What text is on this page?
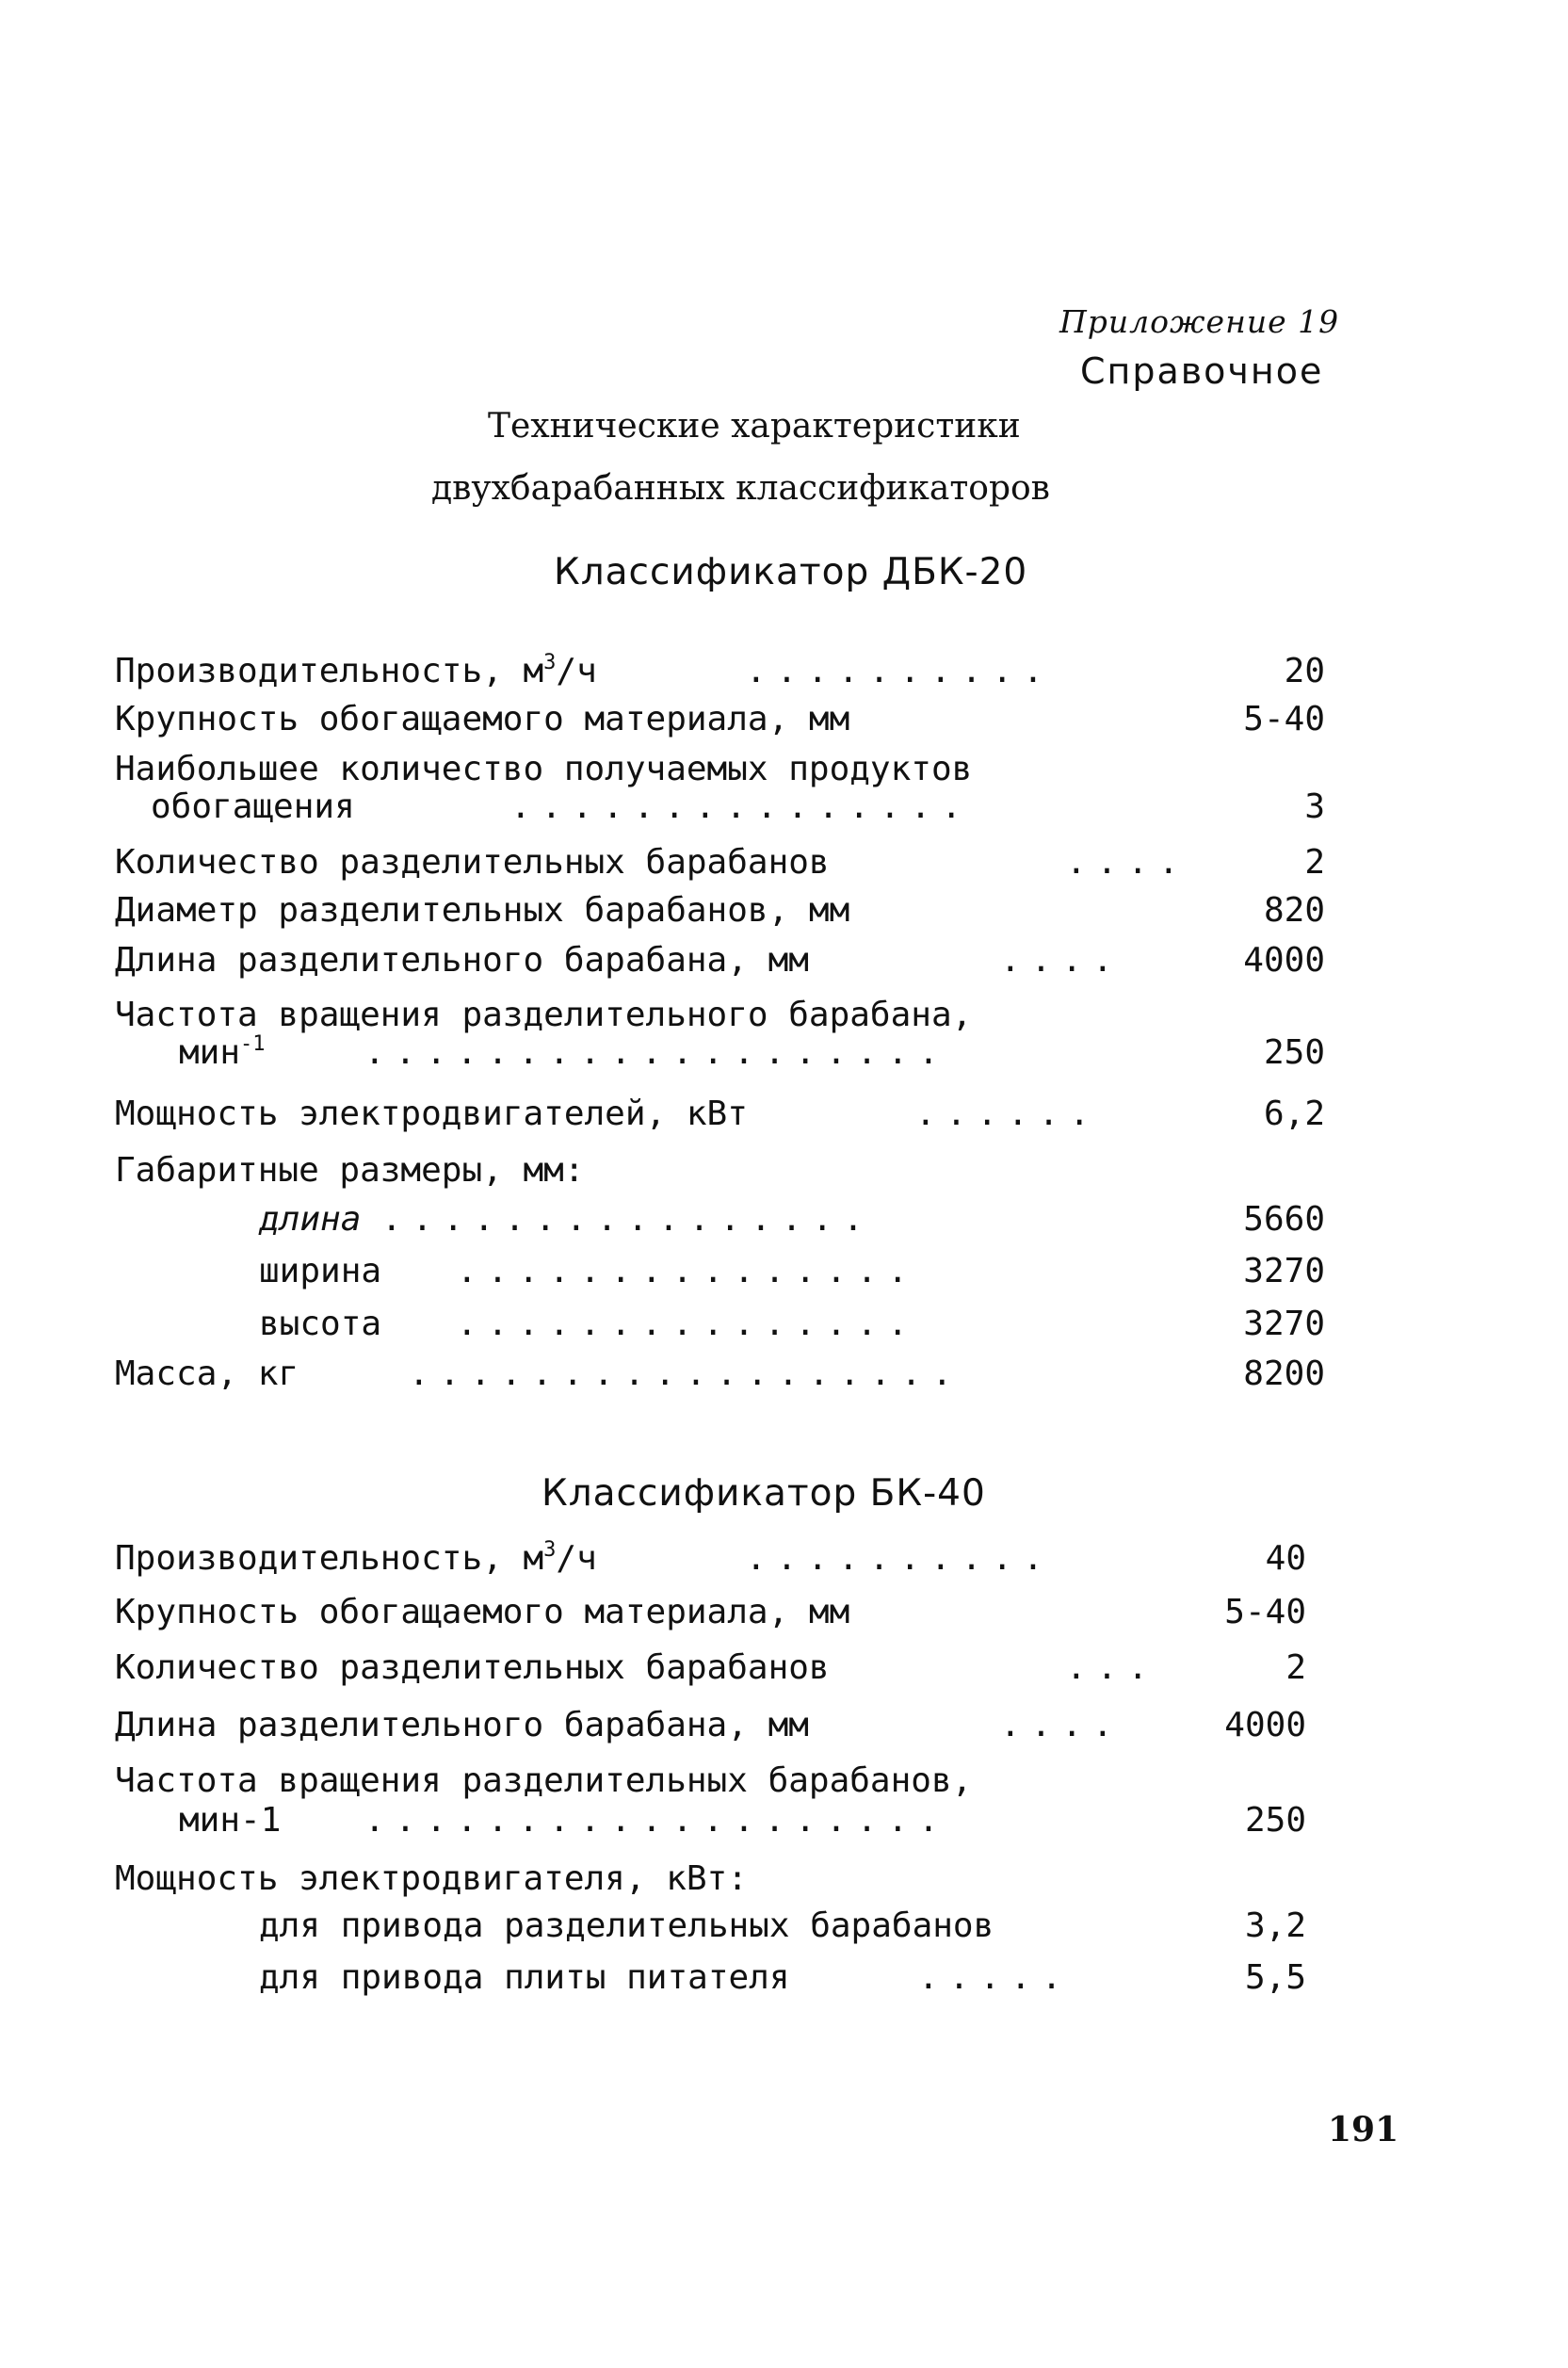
Приложение 19
Справочное
Технические характеристики
двухбарабанных классификаторов
Классификатор ДБК-20
Производительность, $м^3/ч$	..........	20
Крупность обогащаемого материала, мм	5-40
Наибольшее количество получаемых продуктов
обогащения	...............	3
Количество разделительных барабанов	....	2
Диаметр разделительных барабанов, мм	820
Длина разделительного барабана, мм	....	4000
Частота вращения разделительного барабана,
мин$^{-1}$	...................	250
Мощность электродвигателей, кВт	......	6,2
Габаритные размеры, мм:
длина ................	5660
ширина ...............	3270
высота ...............	3270
Масса, кг	..................	8200
Классификатор БК-40
Производительность, $м^3/ч$	..........	40
Крупность обогащаемого материала, мм	5-40
Количество разделительных барабанов	...	2
Длина разделительного барабана, мм	....	4000
Частота вращения разделительных барабанов,
мин-1 ...................	250
Мощность электродвигателя, кВт:
для привода разделительных барабанов	3,2
для привода плиты питателя	.....	5,5
191
